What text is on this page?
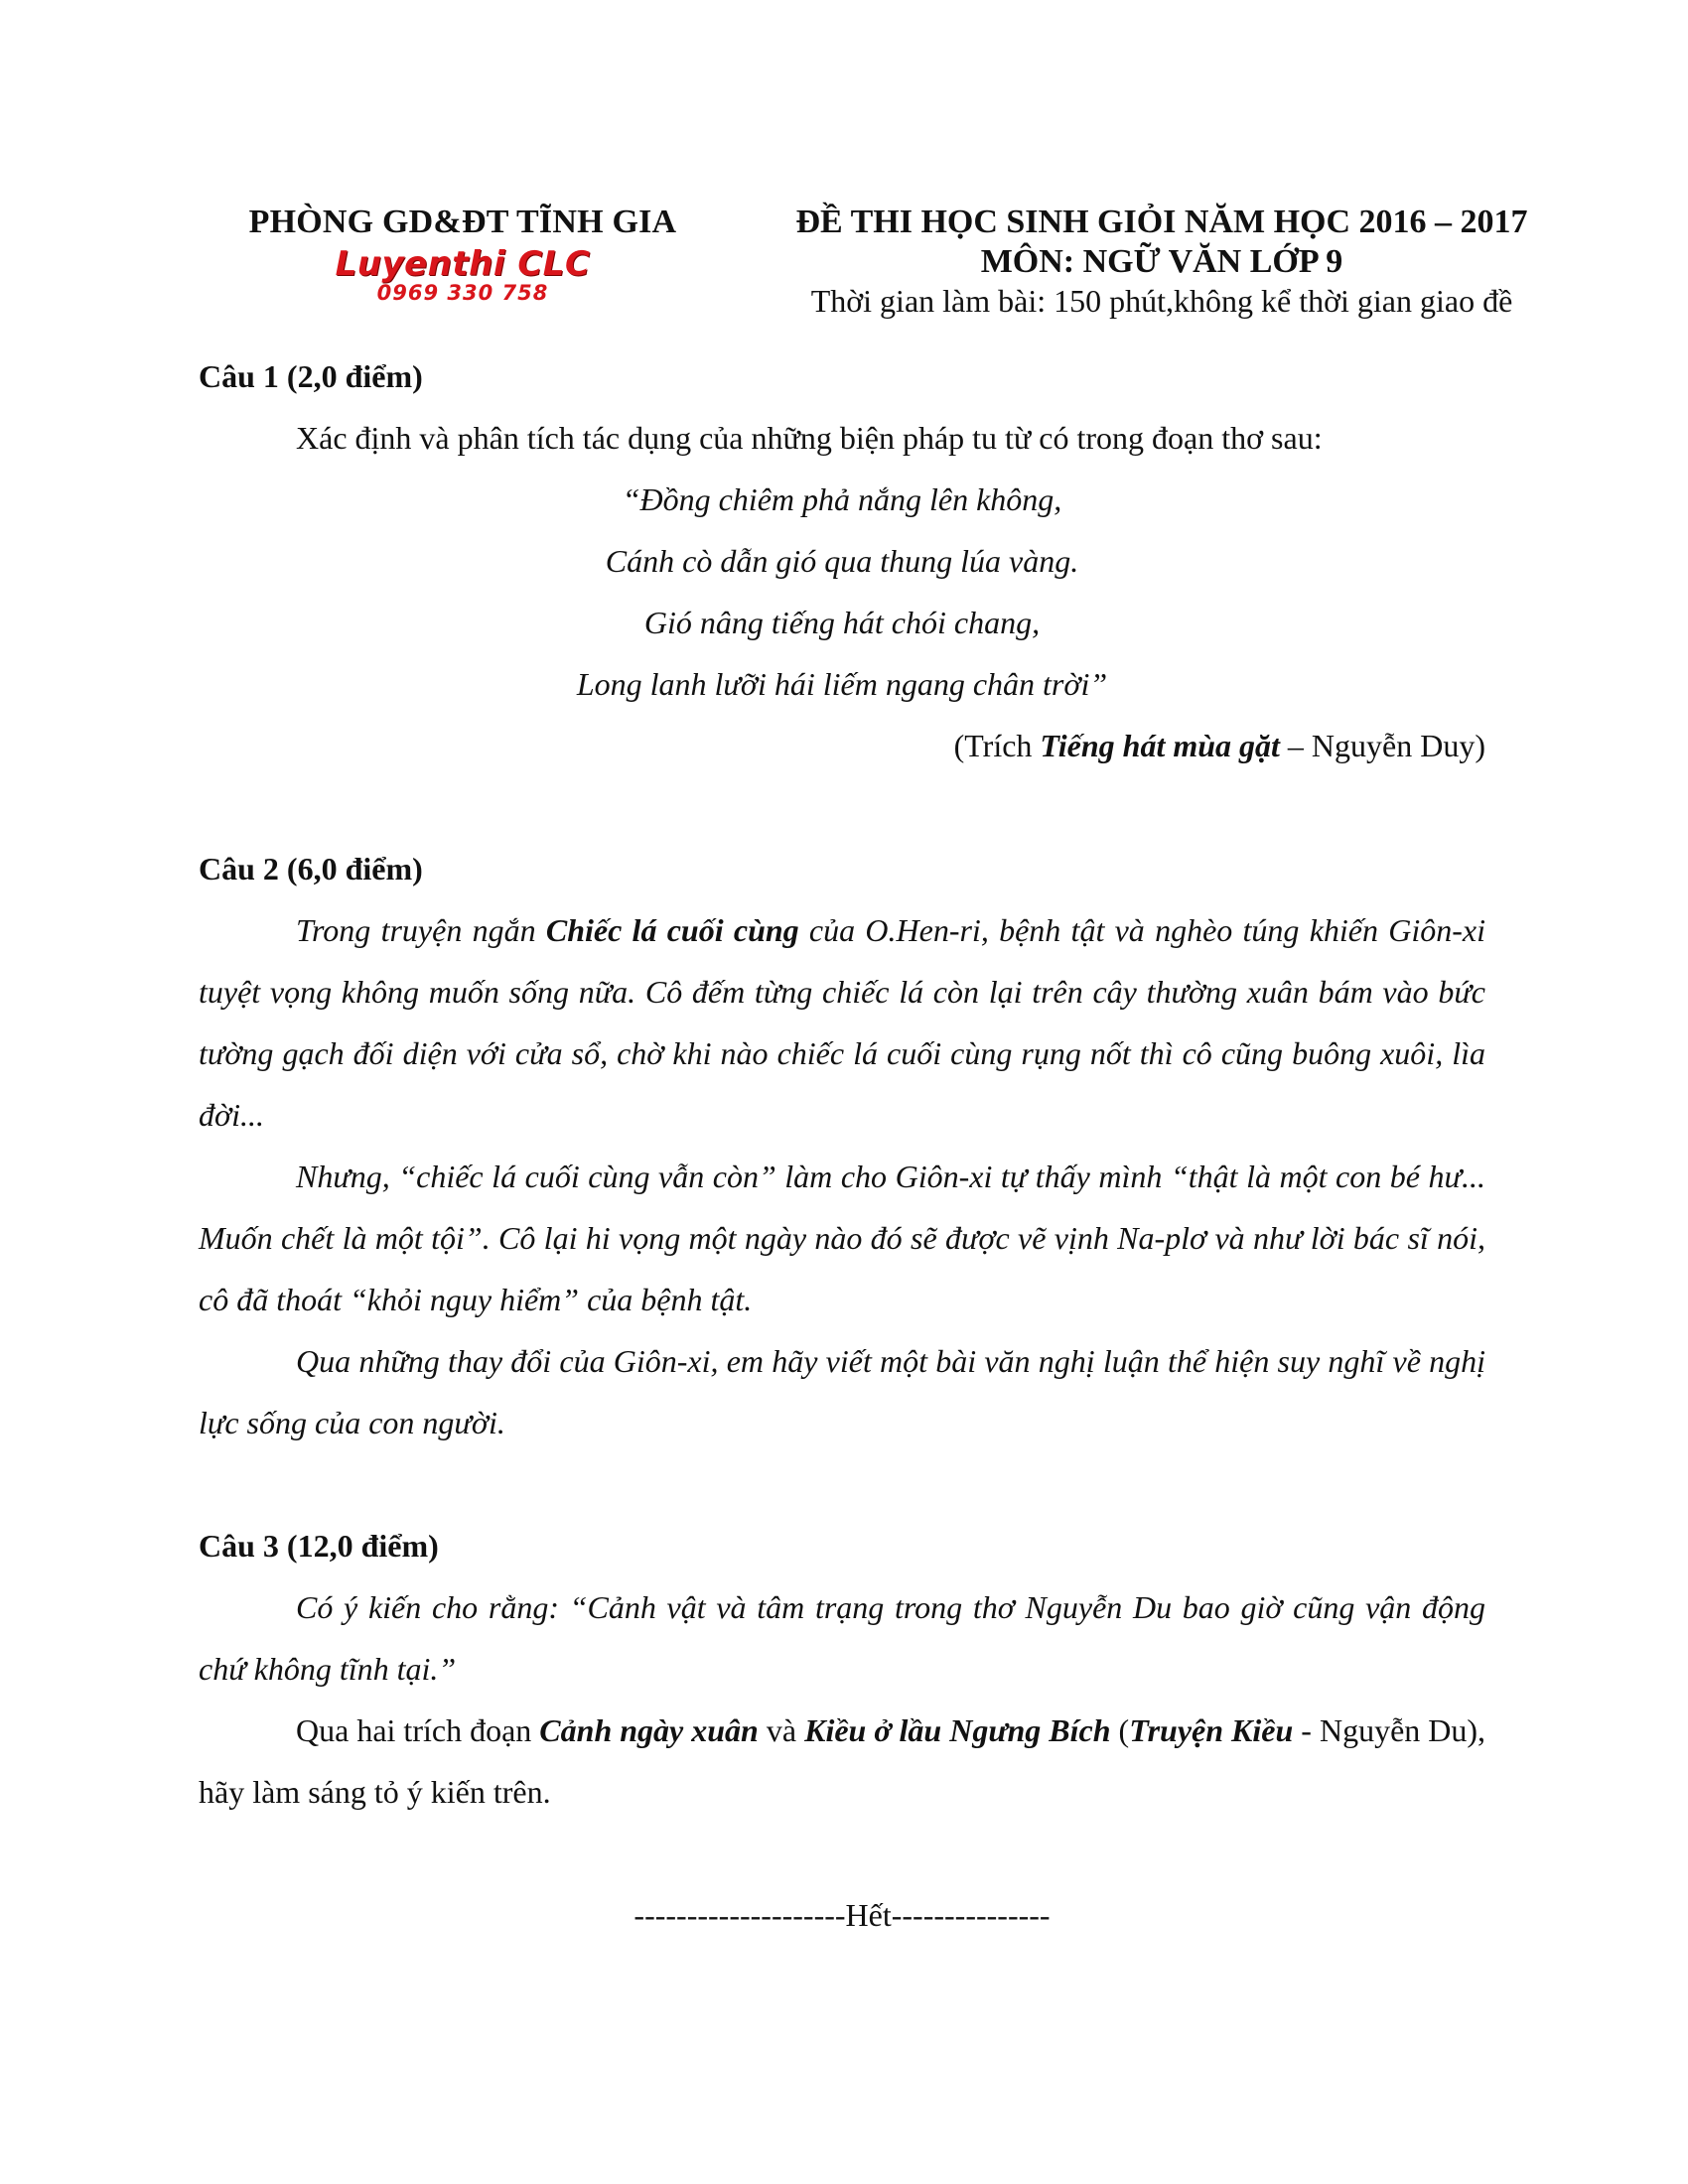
PHÒNG GD&ĐT TĨNH GIA
Luyenthi CLC
0969 330 758
ĐỀ THI HỌC SINH GIỎI NĂM HỌC 2016 – 2017
MÔN: NGỮ VĂN LỚP 9
Thời gian làm bài: 150 phút,không kể thời gian giao đề

Câu 1 (2,0 điểm)

Xác định và phân tích tác dụng của những biện pháp tu từ có trong đoạn thơ sau:

“Đồng chiêm phả nắng lên không,
Cánh cò dẫn gió qua thung lúa vàng.
Gió nâng tiếng hát chói chang,
Long lanh lưỡi hái liếm ngang chân trời”

(Trích Tiếng hát mùa gặt – Nguyễn Duy)

Câu 2 (6,0 điểm)

Trong truyện ngắn Chiếc lá cuối cùng của O.Hen-ri, bệnh tật và nghèo túng khiến Giôn-xi tuyệt vọng không muốn sống nữa. Cô đếm từng chiếc lá còn lại trên cây thường xuân bám vào bức tường gạch đối diện với cửa sổ, chờ khi nào chiếc lá cuối cùng rụng nốt thì cô cũng buông xuôi, lìa đời...

Nhưng, “chiếc lá cuối cùng vẫn còn” làm cho Giôn-xi tự thấy mình “thật là một con bé hư... Muốn chết là một tội”. Cô lại hi vọng một ngày nào đó sẽ được vẽ vịnh Na-plơ và như lời bác sĩ nói, cô đã thoát “khỏi nguy hiểm” của bệnh tật.

Qua những thay đổi của Giôn-xi, em hãy viết một bài văn nghị luận thể hiện suy nghĩ về nghị lực sống của con người.

Câu 3 (12,0 điểm)

Có ý kiến cho rằng: “Cảnh vật và tâm trạng trong thơ Nguyễn Du bao giờ cũng vận động chứ không tĩnh tại.”

Qua hai trích đoạn Cảnh ngày xuân và Kiều ở lầu Ngưng Bích (Truyện Kiều - Nguyễn Du), hãy làm sáng tỏ ý kiến trên.

--------------------Hết---------------
